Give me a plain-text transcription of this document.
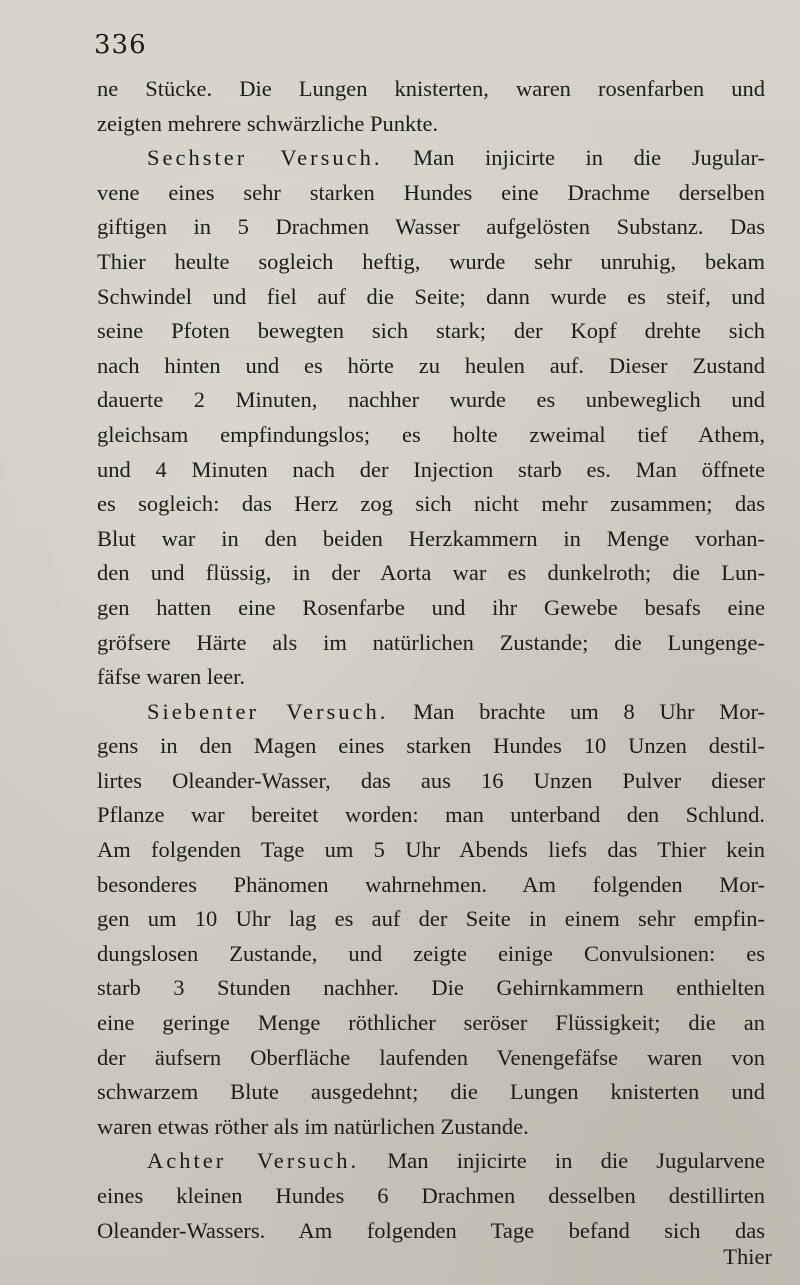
336
ne Stücke. Die Lungen knisterten, waren rosenfarben und
zeigten mehrere schwärzliche Punkte.
Sechster Versuch. Man injicirte in die Jugular-
vene eines sehr starken Hundes eine Drachme derselben
giftigen in 5 Drachmen Wasser aufgelösten Substanz. Das
Thier heulte sogleich heftig, wurde sehr unruhig, bekam
Schwindel und fiel auf die Seite; dann wurde es steif, und
seine Pfoten bewegten sich stark; der Kopf drehte sich
nach hinten und es hörte zu heulen auf. Dieser Zustand
dauerte 2 Minuten, nachher wurde es unbeweglich und
gleichsam empfindungslos; es holte zweimal tief Athem,
und 4 Minuten nach der Injection starb es. Man öffnete
es sogleich: das Herz zog sich nicht mehr zusammen; das
Blut war in den beiden Herzkammern in Menge vorhan-
den und flüssig, in der Aorta war es dunkelroth; die Lun-
gen hatten eine Rosenfarbe und ihr Gewebe besafs eine
gröfsere Härte als im natürlichen Zustande; die Lungenge-
fäfse waren leer.
Siebenter Versuch. Man brachte um 8 Uhr Mor-
gens in den Magen eines starken Hundes 10 Unzen destil-
lirtes Oleander-Wasser, das aus 16 Unzen Pulver dieser
Pflanze war bereitet worden: man unterband den Schlund.
Am folgenden Tage um 5 Uhr Abends liefs das Thier kein
besonderes Phänomen wahrnehmen. Am folgenden Mor-
gen um 10 Uhr lag es auf der Seite in einem sehr empfin-
dungslosen Zustande, und zeigte einige Convulsionen: es
starb 3 Stunden nachher. Die Gehirnkammern enthielten
eine geringe Menge röthlicher seröser Flüssigkeit; die an
der äufsern Oberfläche laufenden Venengefäfse waren von
schwarzem Blute ausgedehnt; die Lungen knisterten und
waren etwas röther als im natürlichen Zustande.
Achter Versuch. Man injicirte in die Jugularvene
eines kleinen Hundes 6 Drachmen desselben destillirten
Oleander-Wassers. Am folgenden Tage befand sich das
Thier
